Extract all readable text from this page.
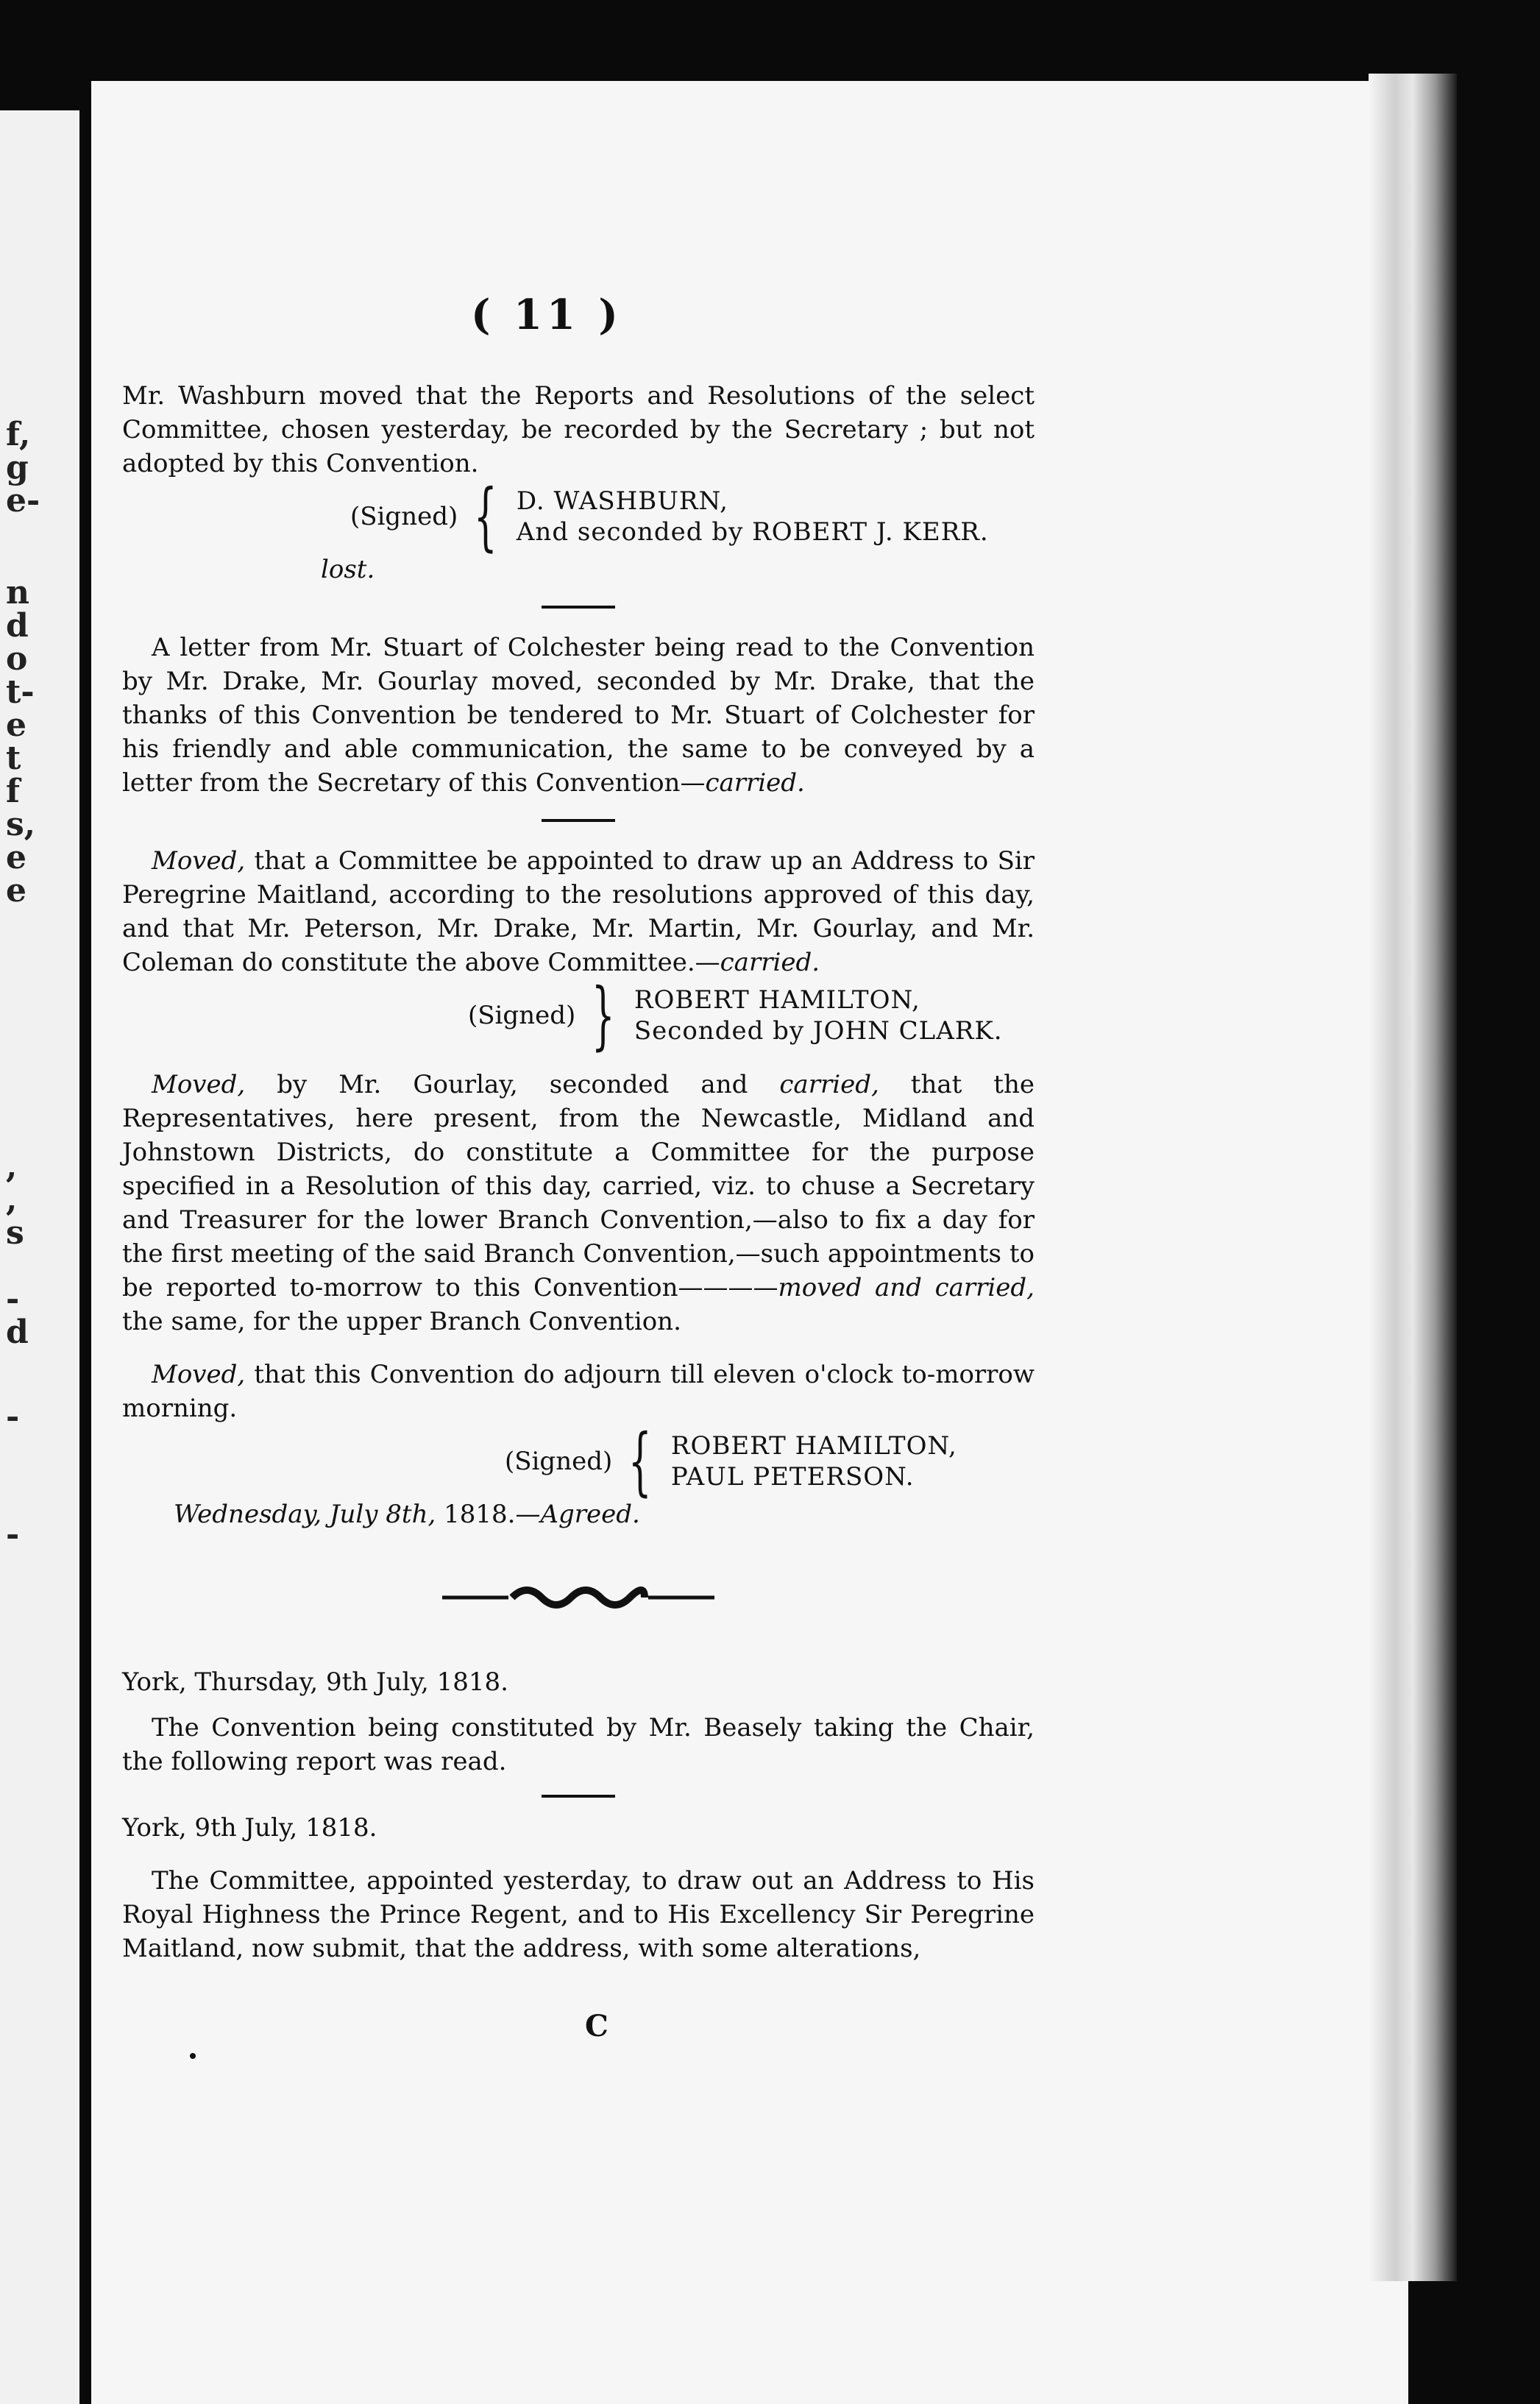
f,
g
e-
n
d
o
t-
e
t
f
s,
e
e
,
,
s
-
d
-
-
( 11 )

Mr. Washburn moved that the Reports and Resolutions of the select Committee, chosen yesterday, be recorded by the Secretary ; but not adopted by this Convention.

(Signed) { D. WASHBURN,
And seconded by ROBERT J. KERR.

lost.

A letter from Mr. Stuart of Colchester being read to the Convention by Mr. Drake, Mr. Gourlay moved, seconded by Mr. Drake, that the thanks of this Convention be tendered to Mr. Stuart of Colchester for his friendly and able communication, the same to be conveyed by a letter from the Secretary of this Convention—carried.

Moved, that a Committee be appointed to draw up an Address to Sir Peregrine Maitland, according to the resolutions approved of this day, and that Mr. Peterson, Mr. Drake, Mr. Martin, Mr. Gourlay, and Mr. Coleman do constitute the above Committee.—carried.

(Signed) } ROBERT HAMILTON,
Seconded by JOHN CLARK.

Moved, by Mr. Gourlay, seconded and carried, that the Representatives, here present, from the Newcastle, Midland and Johnstown Districts, do constitute a Committee for the purpose specified in a Resolution of this day, carried, viz. to chuse a Secretary and Treasurer for the lower Branch Convention,—also to fix a day for the first meeting of the said Branch Convention,—such appointments to be reported to-morrow to this Convention————moved and carried, the same, for the upper Branch Convention.

Moved, that this Convention do adjourn till eleven o'clock to-morrow morning.

(Signed) { ROBERT HAMILTON,
PAUL PETERSON.

Wednesday, July 8th, 1818.—Agreed.

York, Thursday, 9th July, 1818.

The Convention being constituted by Mr. Beasely taking the Chair, the following report was read.

York, 9th July, 1818.

The Committee, appointed yesterday, to draw out an Address to His Royal Highness the Prince Regent, and to His Excellency Sir Peregrine Maitland, now submit, that the address, with some alterations,

C
